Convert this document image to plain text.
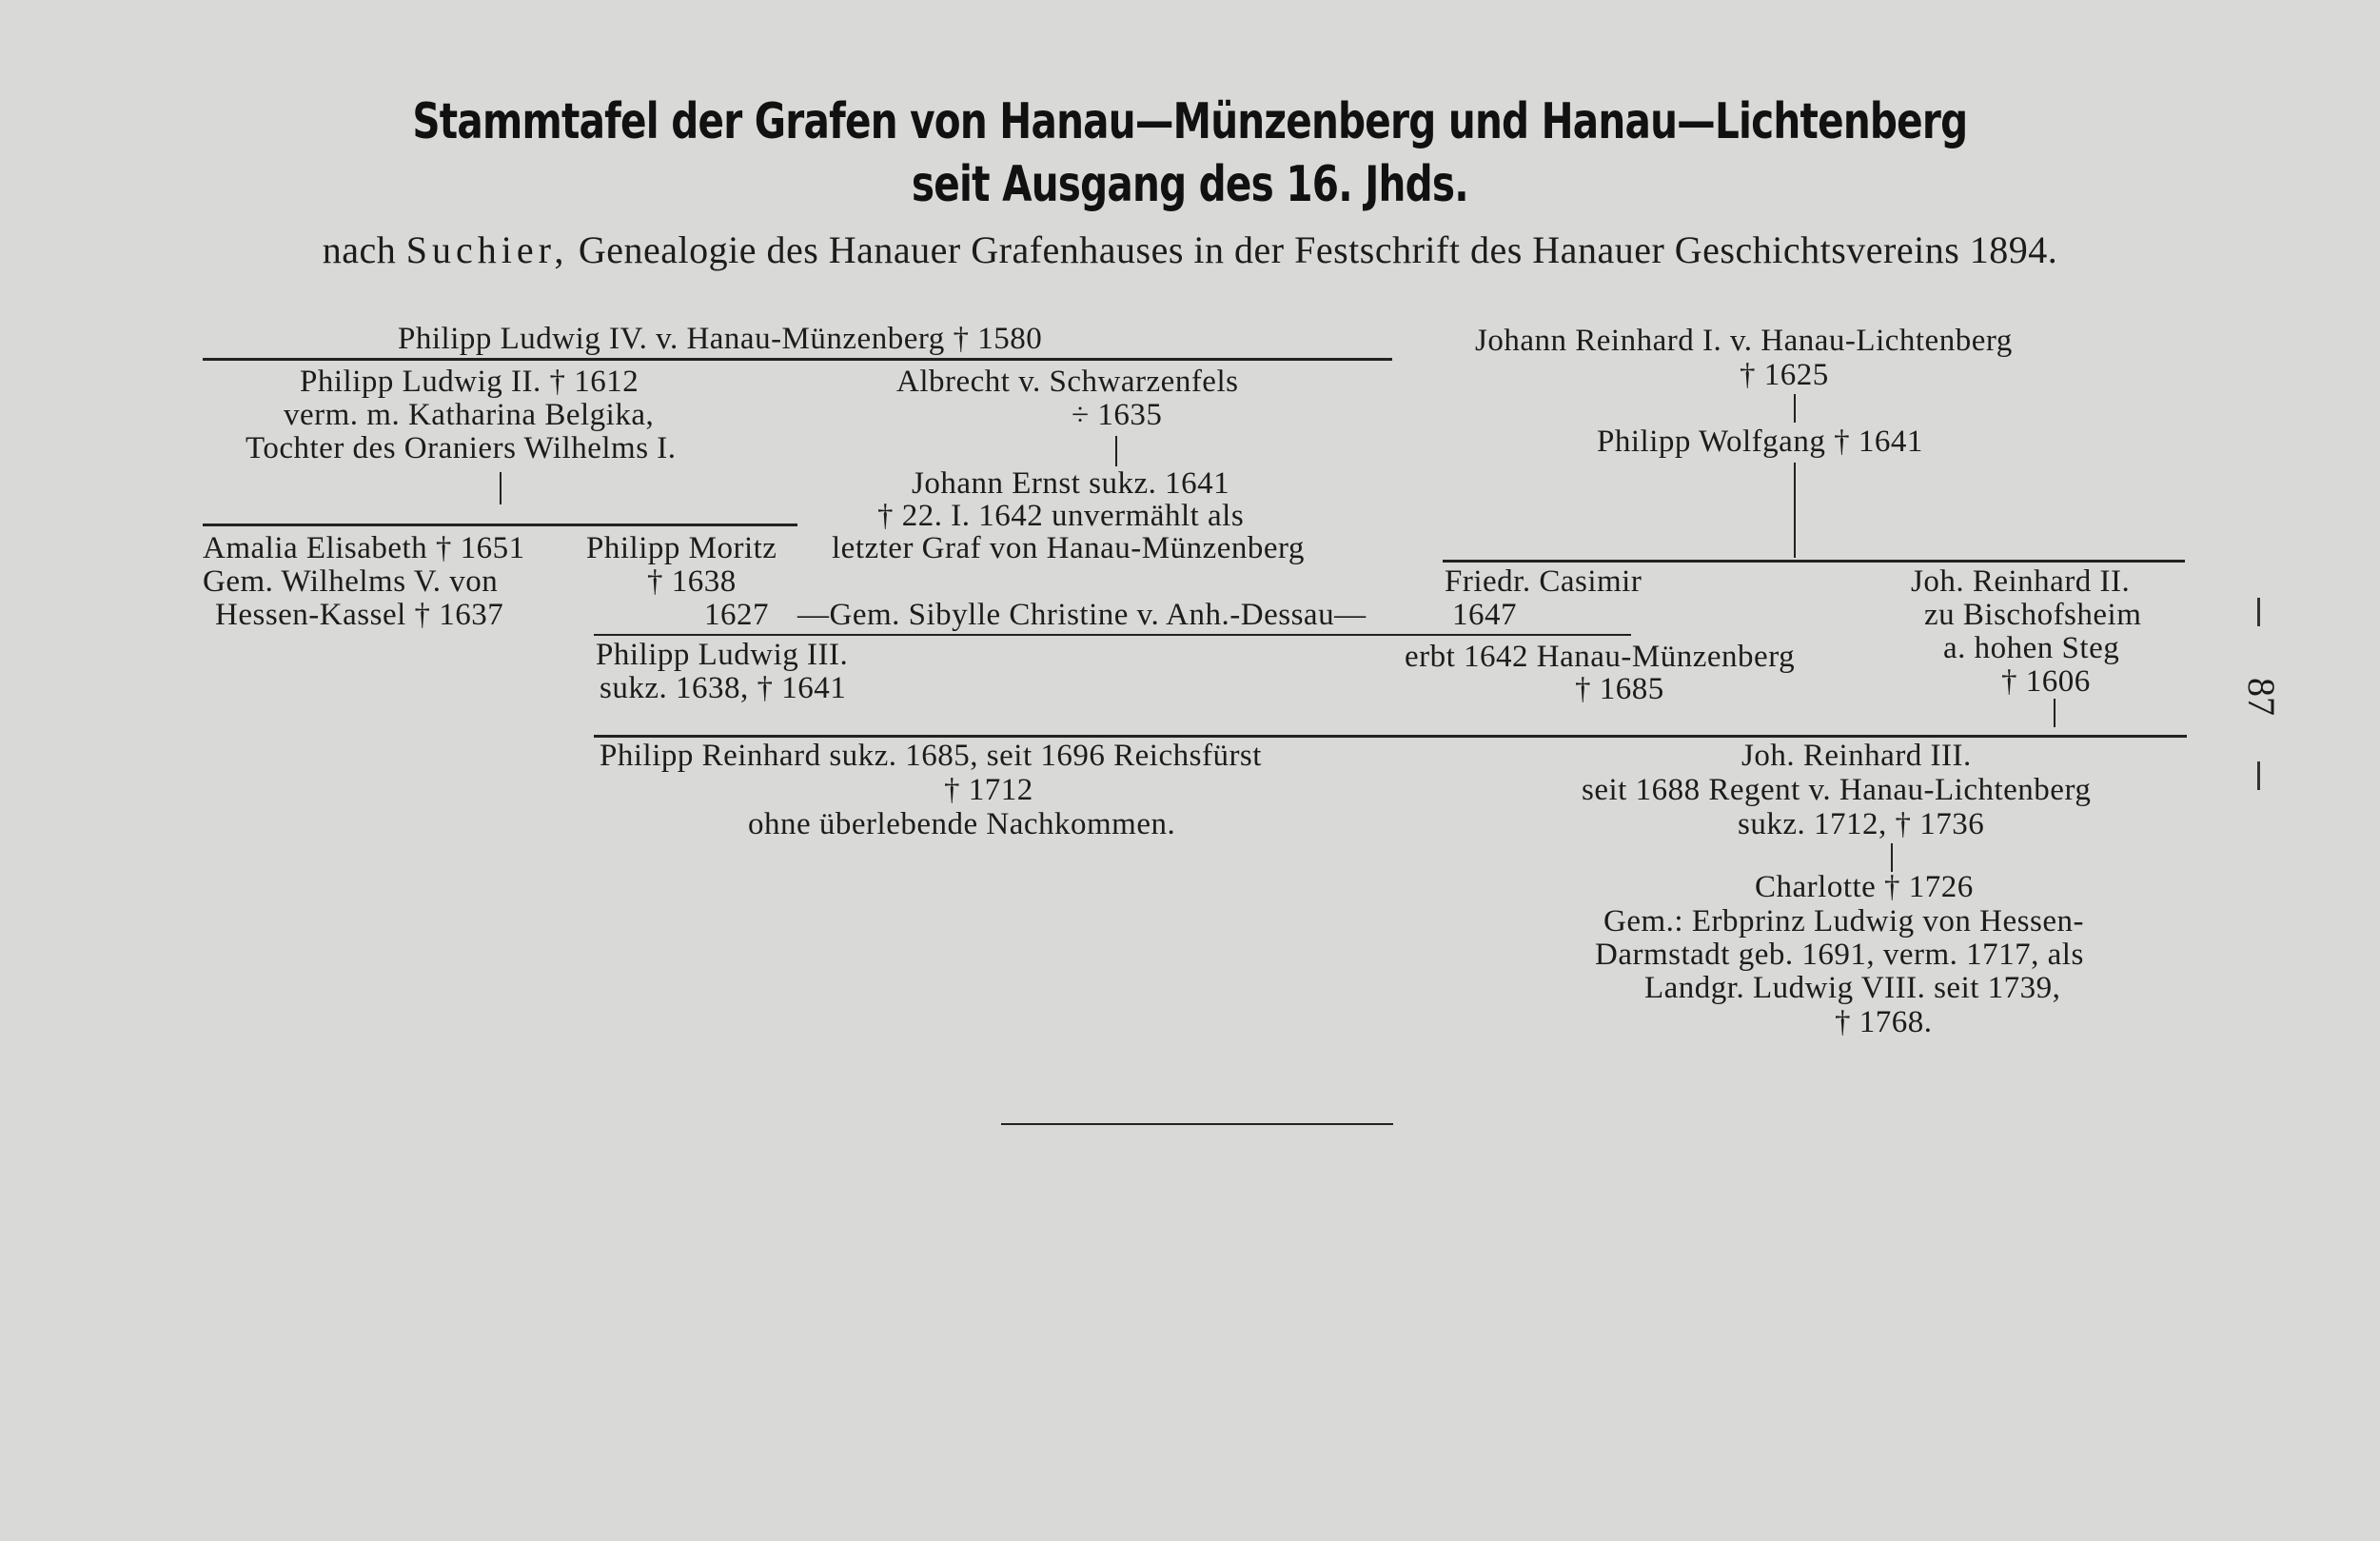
Stammtafel der Grafen von Hanau—Münzenberg und Hanau—Lichtenberg
seit Ausgang des 16. Jhds.
nach Suchier, Genealogie des Hanauer Grafenhauses in der Festschrift des Hanauer Geschichtsvereins 1894.
Philipp Ludwig IV. v. Hanau-Münzenberg † 1580	Johann Reinhard I. v. Hanau-Lichtenberg
† 1625
Philipp Ludwig II. † 1612
verm. m. Katharina Belgika,
Tochter des Oraniers Wilhelms I.
Albrecht v. Schwarzenfels
÷ 1635
Philipp Wolfgang † 1641
Johann Ernst sukz. 1641
† 22. I. 1642 unvermählt als
letzter Graf von Hanau-Münzenberg
Amalia Elisabeth † 1651
Gem. Wilhelms V. von
Hessen-Kassel † 1637
Philipp Moritz
† 1638
1627 —Gem. Sibylle Christine v. Anh.-Dessau—	1647
Friedr. Casimir
erbt 1642 Hanau-Münzenberg
† 1685
Joh. Reinhard II.
zu Bischofsheim
a. hohen Steg
† 1606
Philipp Ludwig III.
sukz. 1638, † 1641
Philipp Reinhard sukz. 1685, seit 1696 Reichsfürst
† 1712
ohne überlebende Nachkommen.
Joh. Reinhard III.
seit 1688 Regent v. Hanau-Lichtenberg
sukz. 1712, † 1736
Charlotte † 1726
Gem.: Erbprinz Ludwig von Hessen-
Darmstadt geb. 1691, verm. 1717, als
Landgr. Ludwig VIII. seit 1739,
† 1768.
87
